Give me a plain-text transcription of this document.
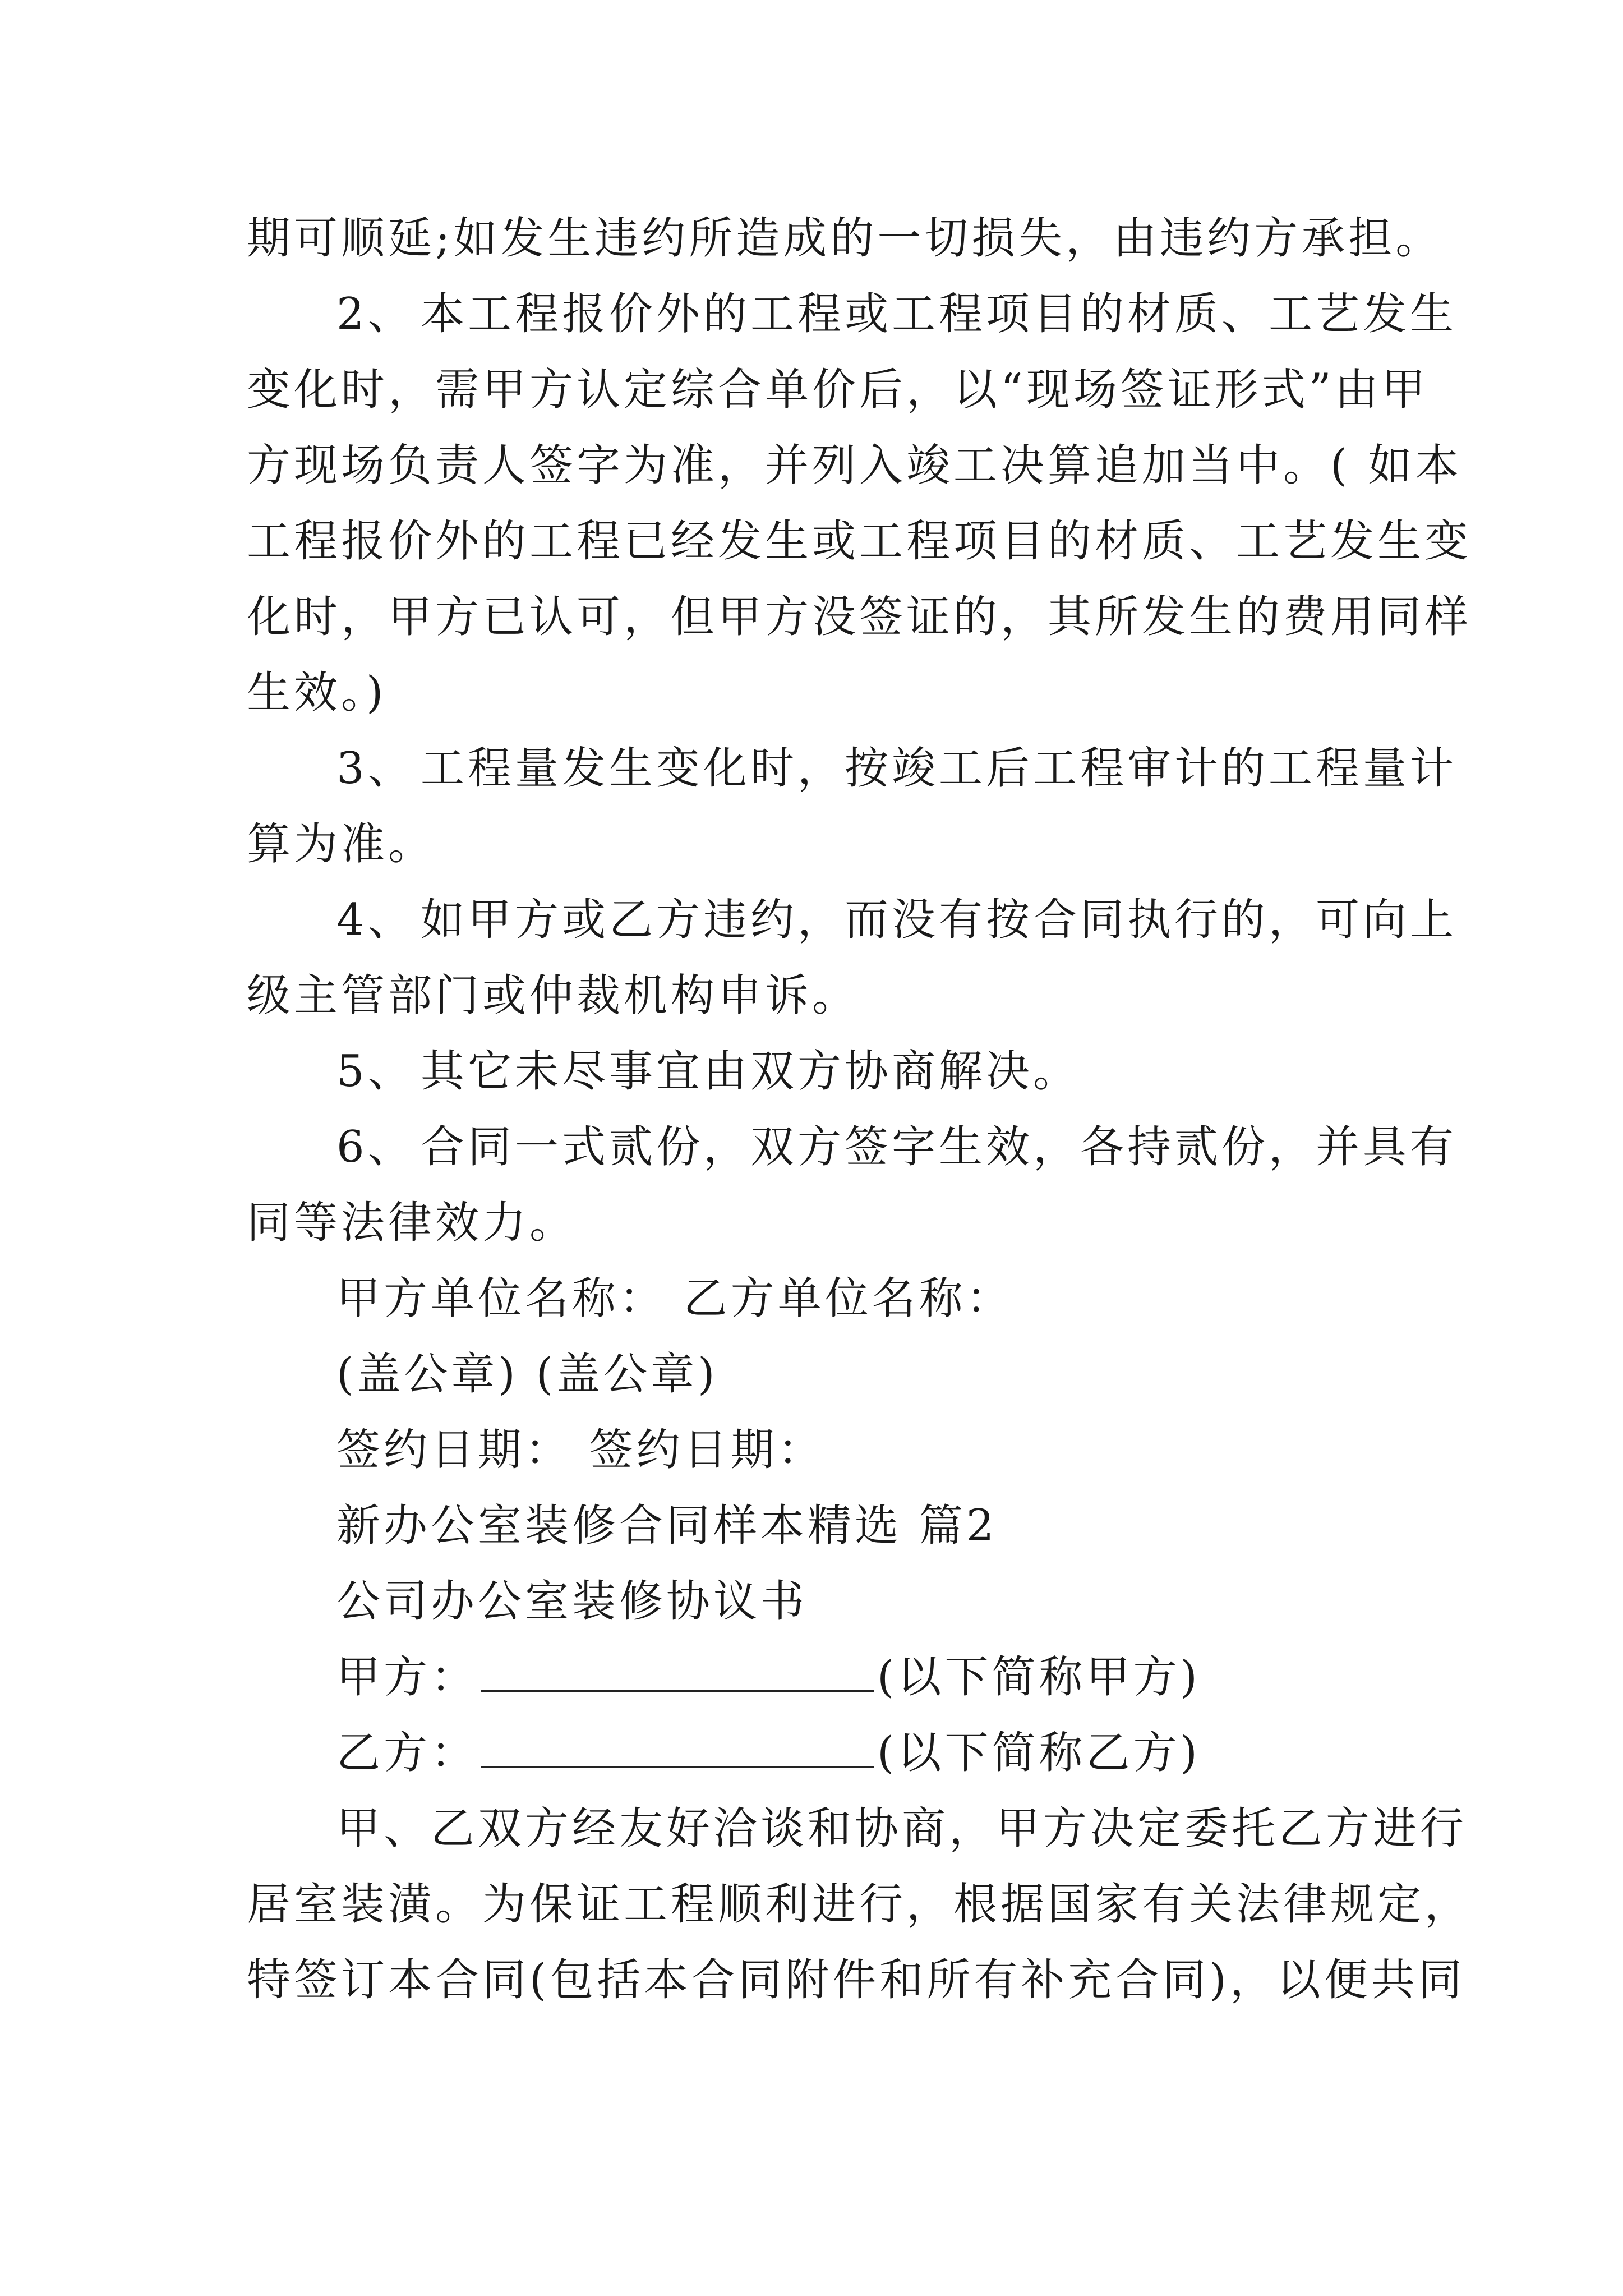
期可顺延;如发生违约所造成的一切损失，由违约方承担。
2、 本工程报价外的工程或工程项目的材质、工艺发生
变化时，需甲方认定综合单价后，以“现场签证形式”由甲
方现场负责人签字为准，并列入竣工决算追加当中。( 如本
工程报价外的工程已经发生或工程项目的材质、工艺发生变
化时，甲方已认可，但甲方没签证的，其所发生的费用同样
生效。)
3、 工程量发生变化时，按竣工后工程审计的工程量计
算为准。
4、 如甲方或乙方违约，而没有按合同执行的，可向上
级主管部门或仲裁机构申诉。
5、 其它未尽事宜由双方协商解决。
6、 合同一式贰份，双方签字生效，各持贰份，并具有
同等法律效力。
甲方单位名称： 乙方单位名称：
(盖公章) (盖公章)
签约日期： 签约日期：
新办公室装修合同样本精选 篇2
公司办公室装修协议书
甲方：	(以下简称甲方)
乙方：	(以下简称乙方)
甲、乙双方经友好洽谈和协商，甲方决定委托乙方进行
居室装潢。为保证工程顺利进行，根据国家有关法律规定，
特签订本合同(包括本合同附件和所有补充合同)，以便共同
